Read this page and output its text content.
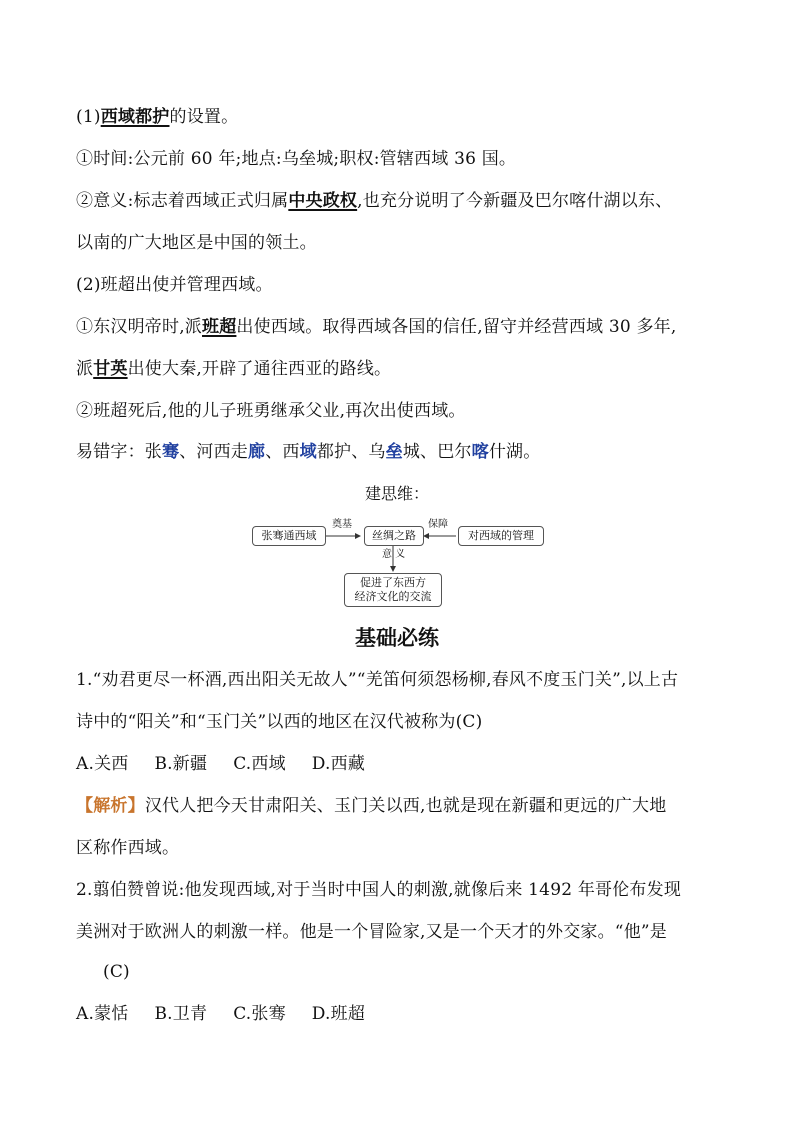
(1)西域都护的设置。
①时间:公元前 60 年;地点:乌垒城;职权:管辖西域 36 国。
②意义:标志着西域正式归属中央政权,也充分说明了今新疆及巴尔喀什湖以东、
以南的广大地区是中国的领土。
(2)班超出使并管理西域。
①东汉明帝时,派班超出使西域。取得西域各国的信任,留守并经营西域 30 多年,
派甘英出使大秦,开辟了通往西亚的路线。
②班超死后,他的儿子班勇继承父业,再次出使西域。
易错字：张骞、河西走廊、西域都护、乌垒城、巴尔喀什湖。
建思维：
张骞通西域	丝绸之路	对西域的管理
促进了东西方
经济文化的交流
奠基	保障
意 义
基础必练
1.“劝君更尽一杯酒,西出阳关无故人”“羌笛何须怨杨柳,春风不度玉门关”,以上古
诗中的“阳关”和“玉门关”以西的地区在汉代被称为(C)
A.关西 B.新疆 C.西域 D.西藏
【解析】汉代人把今天甘肃阳关、玉门关以西,也就是现在新疆和更远的广大地
区称作西域。
2.翦伯赞曾说:他发现西域,对于当时中国人的刺激,就像后来 1492 年哥伦布发现
美洲对于欧洲人的刺激一样。他是一个冒险家,又是一个天才的外交家。“他”是
(C)
A.蒙恬 B.卫青 C.张骞 D.班超
